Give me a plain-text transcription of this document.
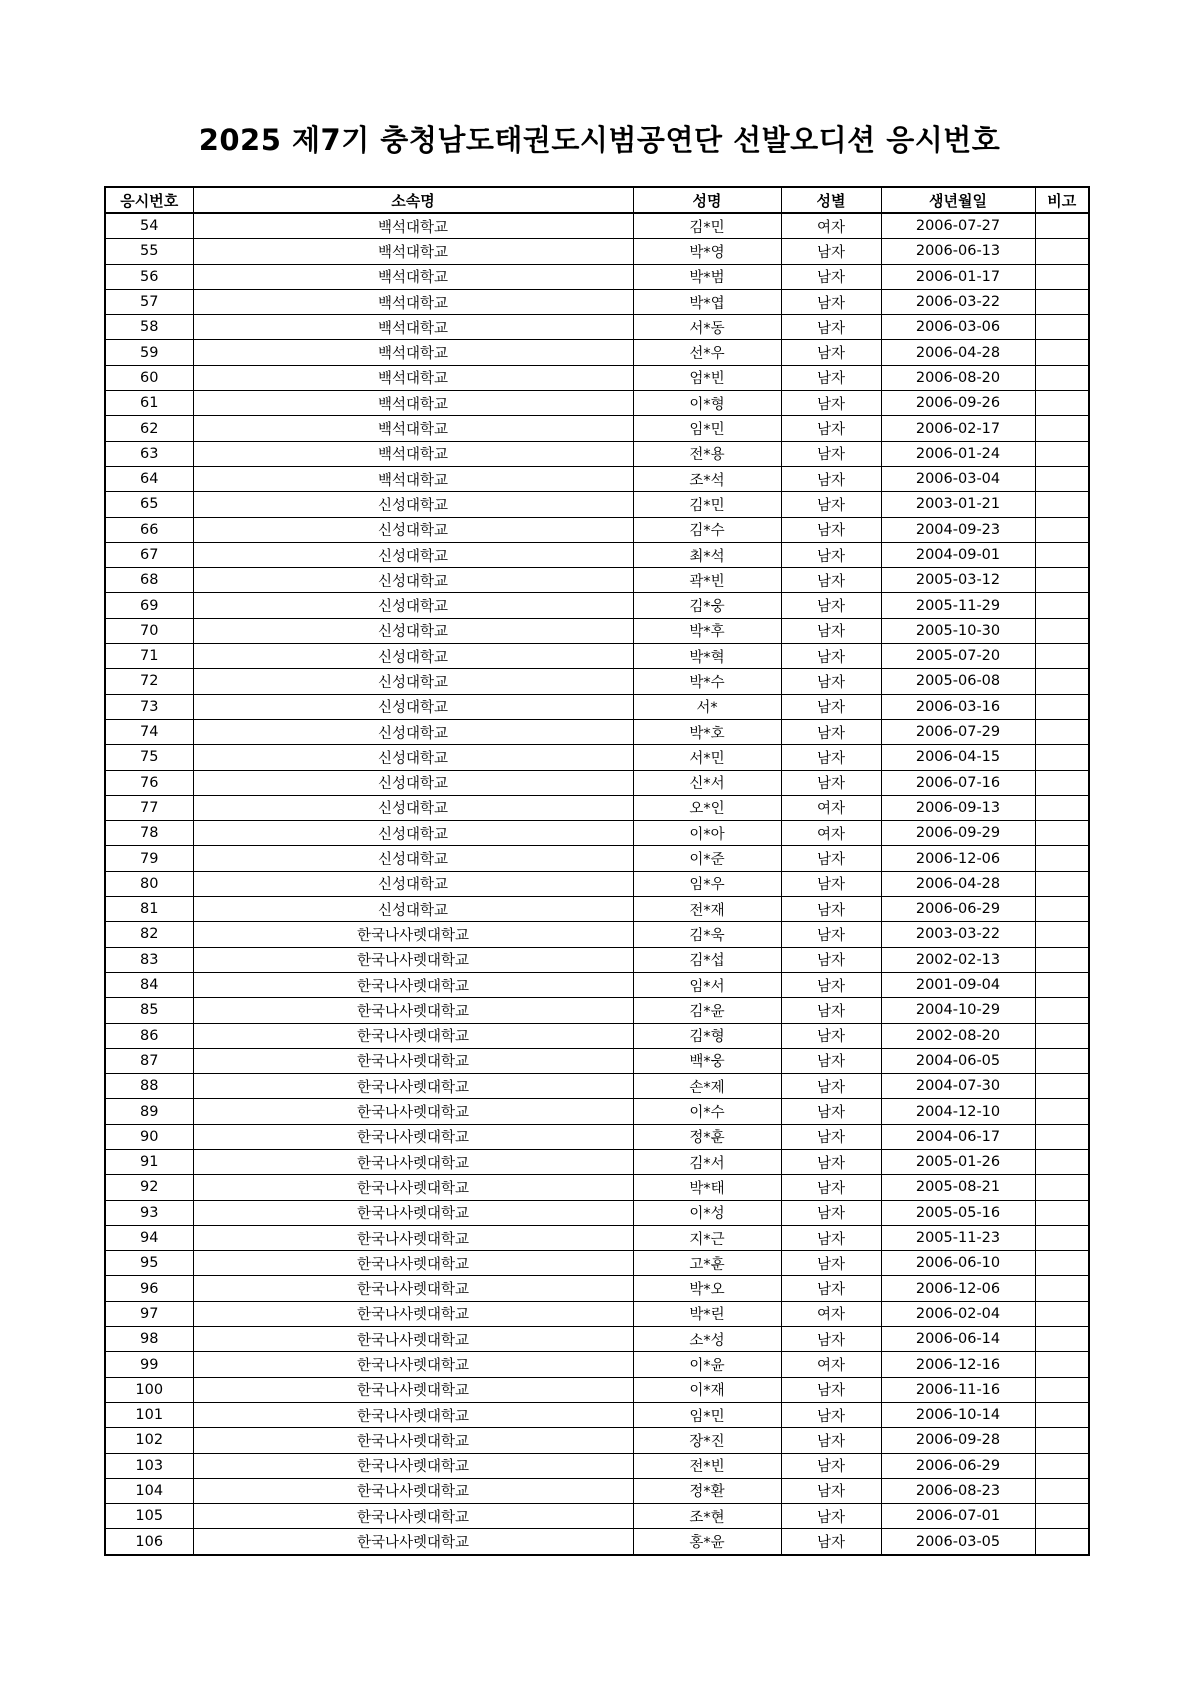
2025 제7기 충청남도태권도시범공연단 선발오디션 응시번호
응시번호	소속명	성명	성별	생년월일	비고
54	백석대학교	김*민	여자	2006-07-27	
55	백석대학교	박*영	남자	2006-06-13	
56	백석대학교	박*범	남자	2006-01-17	
57	백석대학교	박*엽	남자	2006-03-22	
58	백석대학교	서*동	남자	2006-03-06	
59	백석대학교	선*우	남자	2006-04-28	
60	백석대학교	엄*빈	남자	2006-08-20	
61	백석대학교	이*형	남자	2006-09-26	
62	백석대학교	임*민	남자	2006-02-17	
63	백석대학교	전*용	남자	2006-01-24	
64	백석대학교	조*석	남자	2006-03-04	
65	신성대학교	김*민	남자	2003-01-21	
66	신성대학교	김*수	남자	2004-09-23	
67	신성대학교	최*석	남자	2004-09-01	
68	신성대학교	곽*빈	남자	2005-03-12	
69	신성대학교	김*웅	남자	2005-11-29	
70	신성대학교	박*후	남자	2005-10-30	
71	신성대학교	박*혁	남자	2005-07-20	
72	신성대학교	박*수	남자	2005-06-08	
73	신성대학교	서*	남자	2006-03-16	
74	신성대학교	박*호	남자	2006-07-29	
75	신성대학교	서*민	남자	2006-04-15	
76	신성대학교	신*서	남자	2006-07-16	
77	신성대학교	오*인	여자	2006-09-13	
78	신성대학교	이*아	여자	2006-09-29	
79	신성대학교	이*준	남자	2006-12-06	
80	신성대학교	임*우	남자	2006-04-28	
81	신성대학교	전*재	남자	2006-06-29	
82	한국나사렛대학교	김*욱	남자	2003-03-22	
83	한국나사렛대학교	김*섭	남자	2002-02-13	
84	한국나사렛대학교	임*서	남자	2001-09-04	
85	한국나사렛대학교	김*윤	남자	2004-10-29	
86	한국나사렛대학교	김*형	남자	2002-08-20	
87	한국나사렛대학교	백*웅	남자	2004-06-05	
88	한국나사렛대학교	손*제	남자	2004-07-30	
89	한국나사렛대학교	이*수	남자	2004-12-10	
90	한국나사렛대학교	정*훈	남자	2004-06-17	
91	한국나사렛대학교	김*서	남자	2005-01-26	
92	한국나사렛대학교	박*태	남자	2005-08-21	
93	한국나사렛대학교	이*성	남자	2005-05-16	
94	한국나사렛대학교	지*근	남자	2005-11-23	
95	한국나사렛대학교	고*훈	남자	2006-06-10	
96	한국나사렛대학교	박*오	남자	2006-12-06	
97	한국나사렛대학교	박*린	여자	2006-02-04	
98	한국나사렛대학교	소*성	남자	2006-06-14	
99	한국나사렛대학교	이*윤	여자	2006-12-16	
100	한국나사렛대학교	이*재	남자	2006-11-16	
101	한국나사렛대학교	임*민	남자	2006-10-14	
102	한국나사렛대학교	장*진	남자	2006-09-28	
103	한국나사렛대학교	전*빈	남자	2006-06-29	
104	한국나사렛대학교	정*환	남자	2006-08-23	
105	한국나사렛대학교	조*현	남자	2006-07-01	
106	한국나사렛대학교	홍*윤	남자	2006-03-05	
